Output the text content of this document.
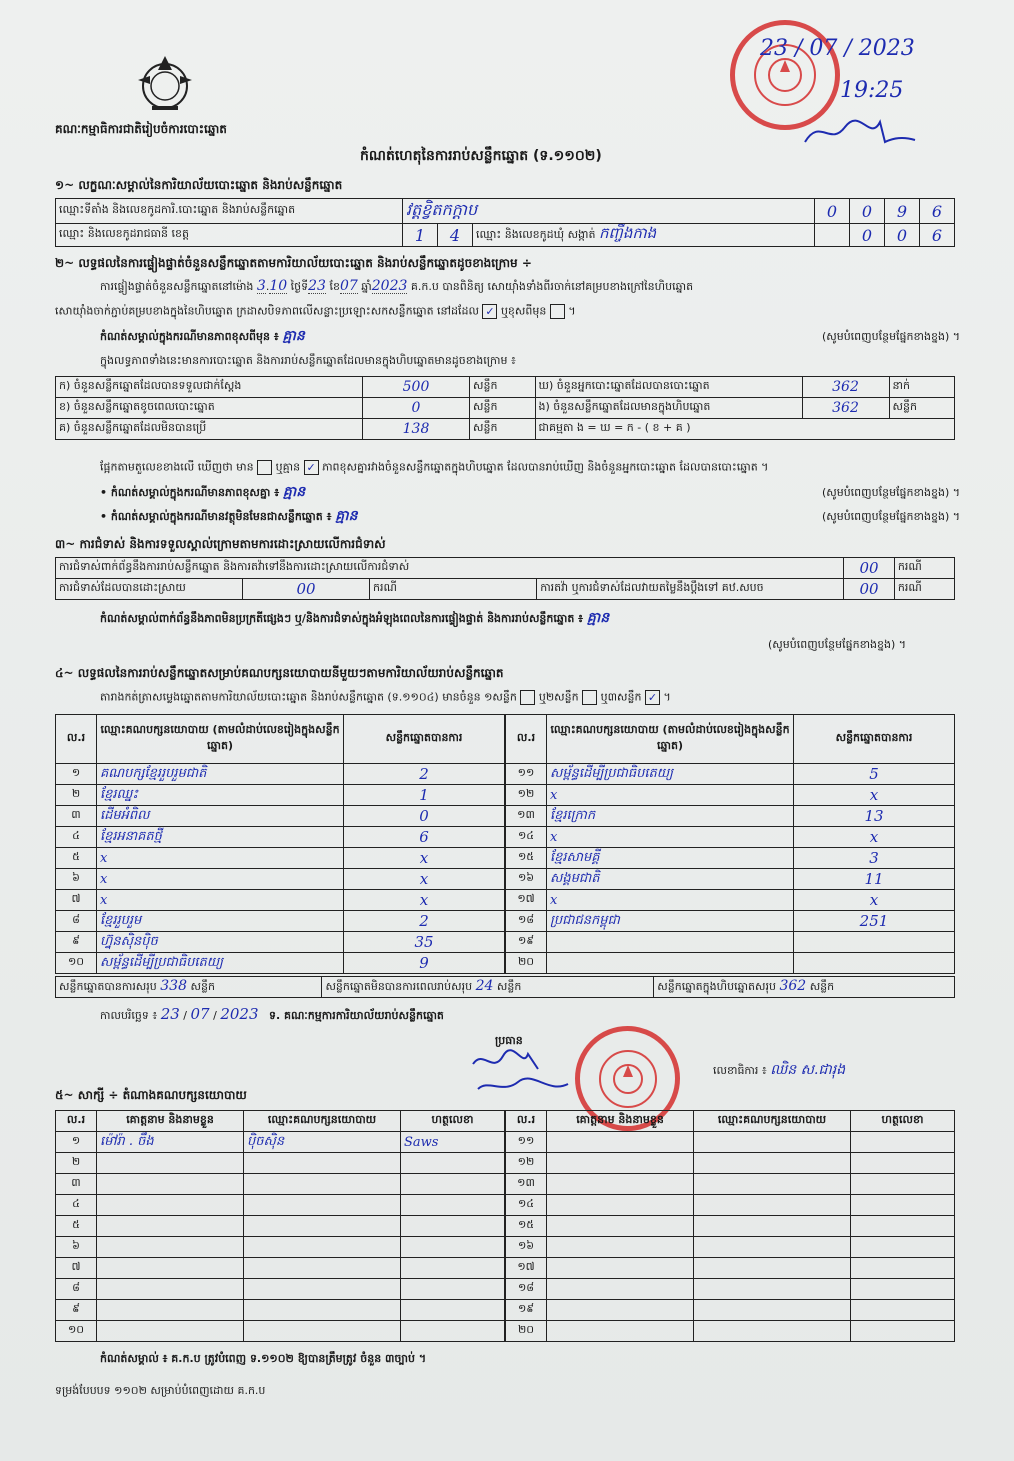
គណៈកម្មាធិការជាតិរៀបចំការបោះឆ្នោត
កំណត់ហេតុនៃការរាប់សន្លឹកឆ្នោត (ទ.១១០២)
23 / 07 / 2023
19:25
១~ លក្ខណៈសម្គាល់នៃការិយាល័យបោះឆ្នោត និងរាប់សន្លឹកឆ្នោត
ឈ្មោះទីតាំង និងលេខកូដការិ.បោះឆ្នោត និងរាប់សន្លឹកឆ្នោត	វត្តខ្វិតកក្តាប			0	0	9	6
ឈ្មោះ និងលេខកូដរាជធានី ខេត្ត	1	4	ឈ្មោះ និងលេខកូដឃុំ សង្កាត់ កញ្ចឹងកាង		0	0	6
២~ លទ្ធផលនៃការផ្ទៀងផ្ទាត់ចំនួនសន្លឹកឆ្នោតតាមការិយាល័យបោះឆ្នោត និងរាប់សន្លឹកឆ្នោតដូចខាងក្រោម ÷
ការផ្ទៀងផ្ទាត់ចំនួនសន្លឹកឆ្នោតនៅម៉ោង 3.10 ថ្ងៃទី23 ខែ07 ឆ្នាំ2023 គ.ក.ប បានពិនិត្យ សោយ៉ាំងទាំងពីរចាក់នៅគម្របខាងក្រៅនៃហិបឆ្នោត
សោយ៉ាំងចាក់ភ្ជាប់គម្របខាងក្នុងនៃហិបឆ្នោត ក្រដាសបិទភាពលើសន្លាះប្រឡោះសកសន្លឹកឆ្នោត នៅដដែល ✓ ឬខុសពីមុន  ។
កំណត់សម្គាល់ក្នុងករណីមានភាពខុសពីមុន ៖ គ្មាន	(សូមបំពេញបន្ថែមផ្នែកខាងខ្នង) ។
ក្នុងលទ្ធភាពទាំងនេះមានការបោះឆ្នោត និងការរាប់សន្លឹកឆ្នោតដែលមានក្នុងហិបឆ្នោតមានដូចខាងក្រោម ៖
ក) ចំនួនសន្លឹកឆ្នោតដែលបានទទួលជាក់ស្តែង	500	សន្លឹក	ឃ) ចំនួនអ្នកបោះឆ្នោតដែលបានបោះឆ្នោត	362	នាក់
ខ) ចំនួនសន្លឹកឆ្នោតខូចពេលបោះឆ្នោត	0	សន្លឹក	ង) ចំនួនសន្លឹកឆ្នោតដែលមានក្នុងហិបឆ្នោត	362	សន្លឹក
គ) ចំនួនសន្លឹកឆ្នោតដែលមិនបានប្រើ	138	សន្លឹក	ជាគម្មតា ង = ឃ = ក - ( ខ + គ )		
ផ្អែកតាមតួលេខខាងលើ ឃើញថា មាន ឬគ្មាន ✓ ភាពខុសគ្នារវាងចំនួនសន្លឹកឆ្នោតក្នុងហិបឆ្នោត ដែលបានរាប់ឃើញ និងចំនួនអ្នកបោះឆ្នោត ដែលបានបោះឆ្នោត ។
• កំណត់សម្គាល់ក្នុងករណីមានភាពខុសគ្នា ៖ គ្មាន	(សូមបំពេញបន្ថែមផ្នែកខាងខ្នង) ។
• កំណត់សម្គាល់ក្នុងករណីមានវត្ថុមិនមែនជាសន្លឹកឆ្នោត ៖ គ្មាន	(សូមបំពេញបន្ថែមផ្នែកខាងខ្នង) ។
៣~ ការជំទាស់ និងការទទួលស្គាល់ក្រោមតាមការដោះស្រាយលើការជំទាស់
ការជំទាស់ពាក់ព័ន្ធនឹងការរាប់សន្លឹកឆ្នោត និងការតវ៉ាទៅនឹងការដោះស្រាយលើការជំទាស់				00	ករណី
ការជំទាស់ដែលបានដោះស្រាយ	00	ករណី	ការតវ៉ា ឬការជំទាស់ដែលវាយតម្លៃនឹងប្តឹងទៅ គឋ.សបច	00	ករណី
កំណត់សម្គាល់ពាក់ព័ន្ធនឹងភាពមិនប្រក្រតីផ្សេងៗ ឬ/និងការជំទាស់ក្នុងអំឡុងពេលនៃការផ្ទៀងផ្ទាត់ និងការរាប់សន្លឹកឆ្នោត ៖ គ្មាន
(សូមបំពេញបន្ថែមផ្នែកខាងខ្នង) ។
៤~ លទ្ធផលនៃការរាប់សន្លឹកឆ្នោតសម្រាប់គណបក្សនយោបាយនីមួយៗតាមការិយាល័យរាប់សន្លឹកឆ្នោត
តារាងកត់ត្រាសម្លេងឆ្នោតតាមការិយាល័យបោះឆ្នោត និងរាប់សន្លឹកឆ្នោត (ទ.១១០៤) មានចំនួន ១សន្លឹក ឬ២សន្លឹក ឬ៣សន្លឹក ✓ ។
ល.រ	ឈ្មោះគណបក្សនយោបាយ (តាមលំដាប់លេខរៀងក្នុងសន្លឹកឆ្នោត)	សន្លឹកឆ្នោតបានការ
១	គណបក្សខ្មែររួបរួមជាតិ	2
២	ខ្មែរឈ្នះ	1
៣	ដើមអំពិល	0
៤	ខ្មែរអនាគតថ្មី	6
៥	x	x
៦	x	x
៧	x	x
៨	ខ្មែររួបរួម	2
៩	ហ្វ៊ុនស៊ិនប៉ិច	35
១០	សម្ព័ន្ធដើម្បីប្រជាធិបតេយ្យ	9
ល.រ	ឈ្មោះគណបក្សនយោបាយ (តាមលំដាប់លេខរៀងក្នុងសន្លឹកឆ្នោត)	សន្លឹកឆ្នោតបានការ
១១	សម្ព័ន្ធដើម្បីប្រជាធិបតេយ្យ	5
១២	x	x
១៣	ខ្មែរក្រោក	13
១៤	x	x
១៥	ខ្មែរសាមគ្គី	3
១៦	សង្គមជាតិ	11
១៧	x	x
១៨	ប្រជាជនកម្ពុជា	251
១៩		
២០		
សន្លឹកឆ្នោតបានការសរុប 338 សន្លឹក	សន្លឹកឆ្នោតមិនបានការពេលរាប់សរុប 24 សន្លឹក	សន្លឹកឆ្នោតក្នុងហិបឆ្នោតសរុប 362 សន្លឹក
កាលបរិច្ឆេទ ៖ 23 / 07 / 2023 ទ. គណៈកម្មការការិយាល័យរាប់សន្លឹកឆ្នោត
ប្រធាន
លេខាធិការ ៖ ឈិន ស.ជារុង
៥~ សាក្សី ÷ តំណាងគណបក្សនយោបាយ
ល.រ	គោត្តនាម និងនាមខ្លួន	ឈ្មោះគណបក្សនយោបាយ	ហត្ថលេខា
១	ម៉ៅរ៉ា . ចឹង	ប៉ិចស៊ិន	Saws
២			
៣			
៤			
៥			
៦			
៧			
៨			
៩			
១០			
ល.រ	គោត្តនាម និងនាមខ្លួន	ឈ្មោះគណបក្សនយោបាយ	ហត្ថលេខា
១១			
១២			
១៣			
១៤			
១៥			
១៦			
១៧			
១៨			
១៩			
២០			
កំណត់សម្គាល់ ៖ គ.ក.ប ត្រូវបំពេញ ទ.១១០២ ឱ្យបានត្រឹមត្រូវ ចំនួន ៣ច្បាប់ ។
ទម្រង់បែបបទ ១១០២ សម្រាប់បំពេញដោយ គ.ក.ប
